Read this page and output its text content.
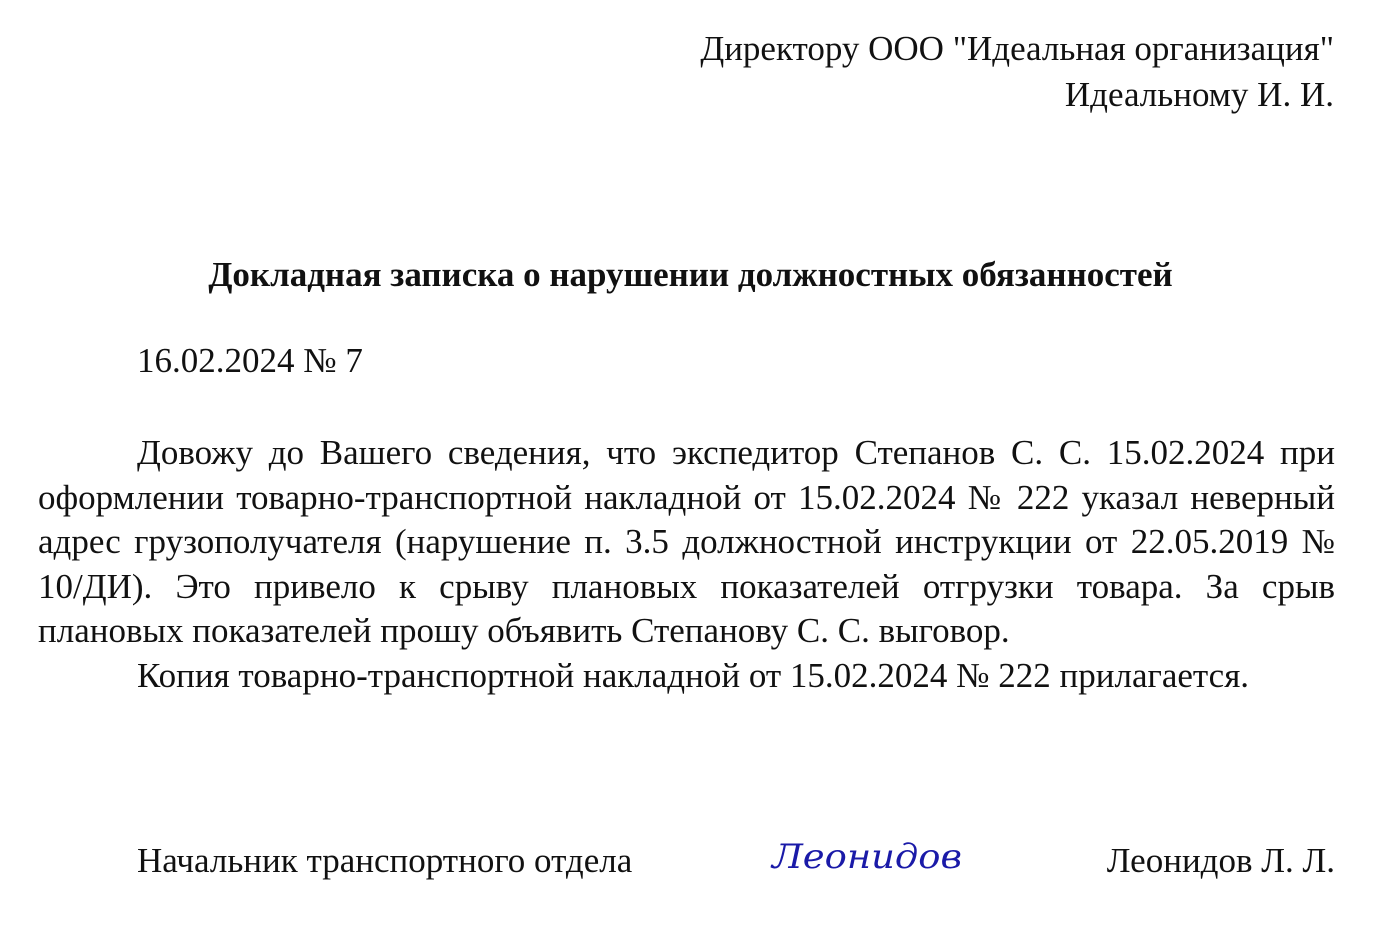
Директору ООО "Идеальная организация"
Идеальному И. И.
Докладная записка о нарушении должностных обязанностей
16.02.2024 № 7

Довожу до Вашего сведения, что экспедитор Степанов С. С. 15.02.2024 при оформлении товарно-транспортной накладной от 15.02.2024 № 222 указал неверный адрес грузополучателя (нарушение п. 3.5 должностной инструкции от 22.05.2019 № 10/ДИ). Это привело к срыву плановых показателей отгрузки товара. За срыв плановых показателей прошу объявить Степанову С. С. выговор.

Копия товарно-транспортной накладной от 15.02.2024 № 222 прилагается.

Начальник транспортного отдела	Леонидов	Леонидов Л. Л.
